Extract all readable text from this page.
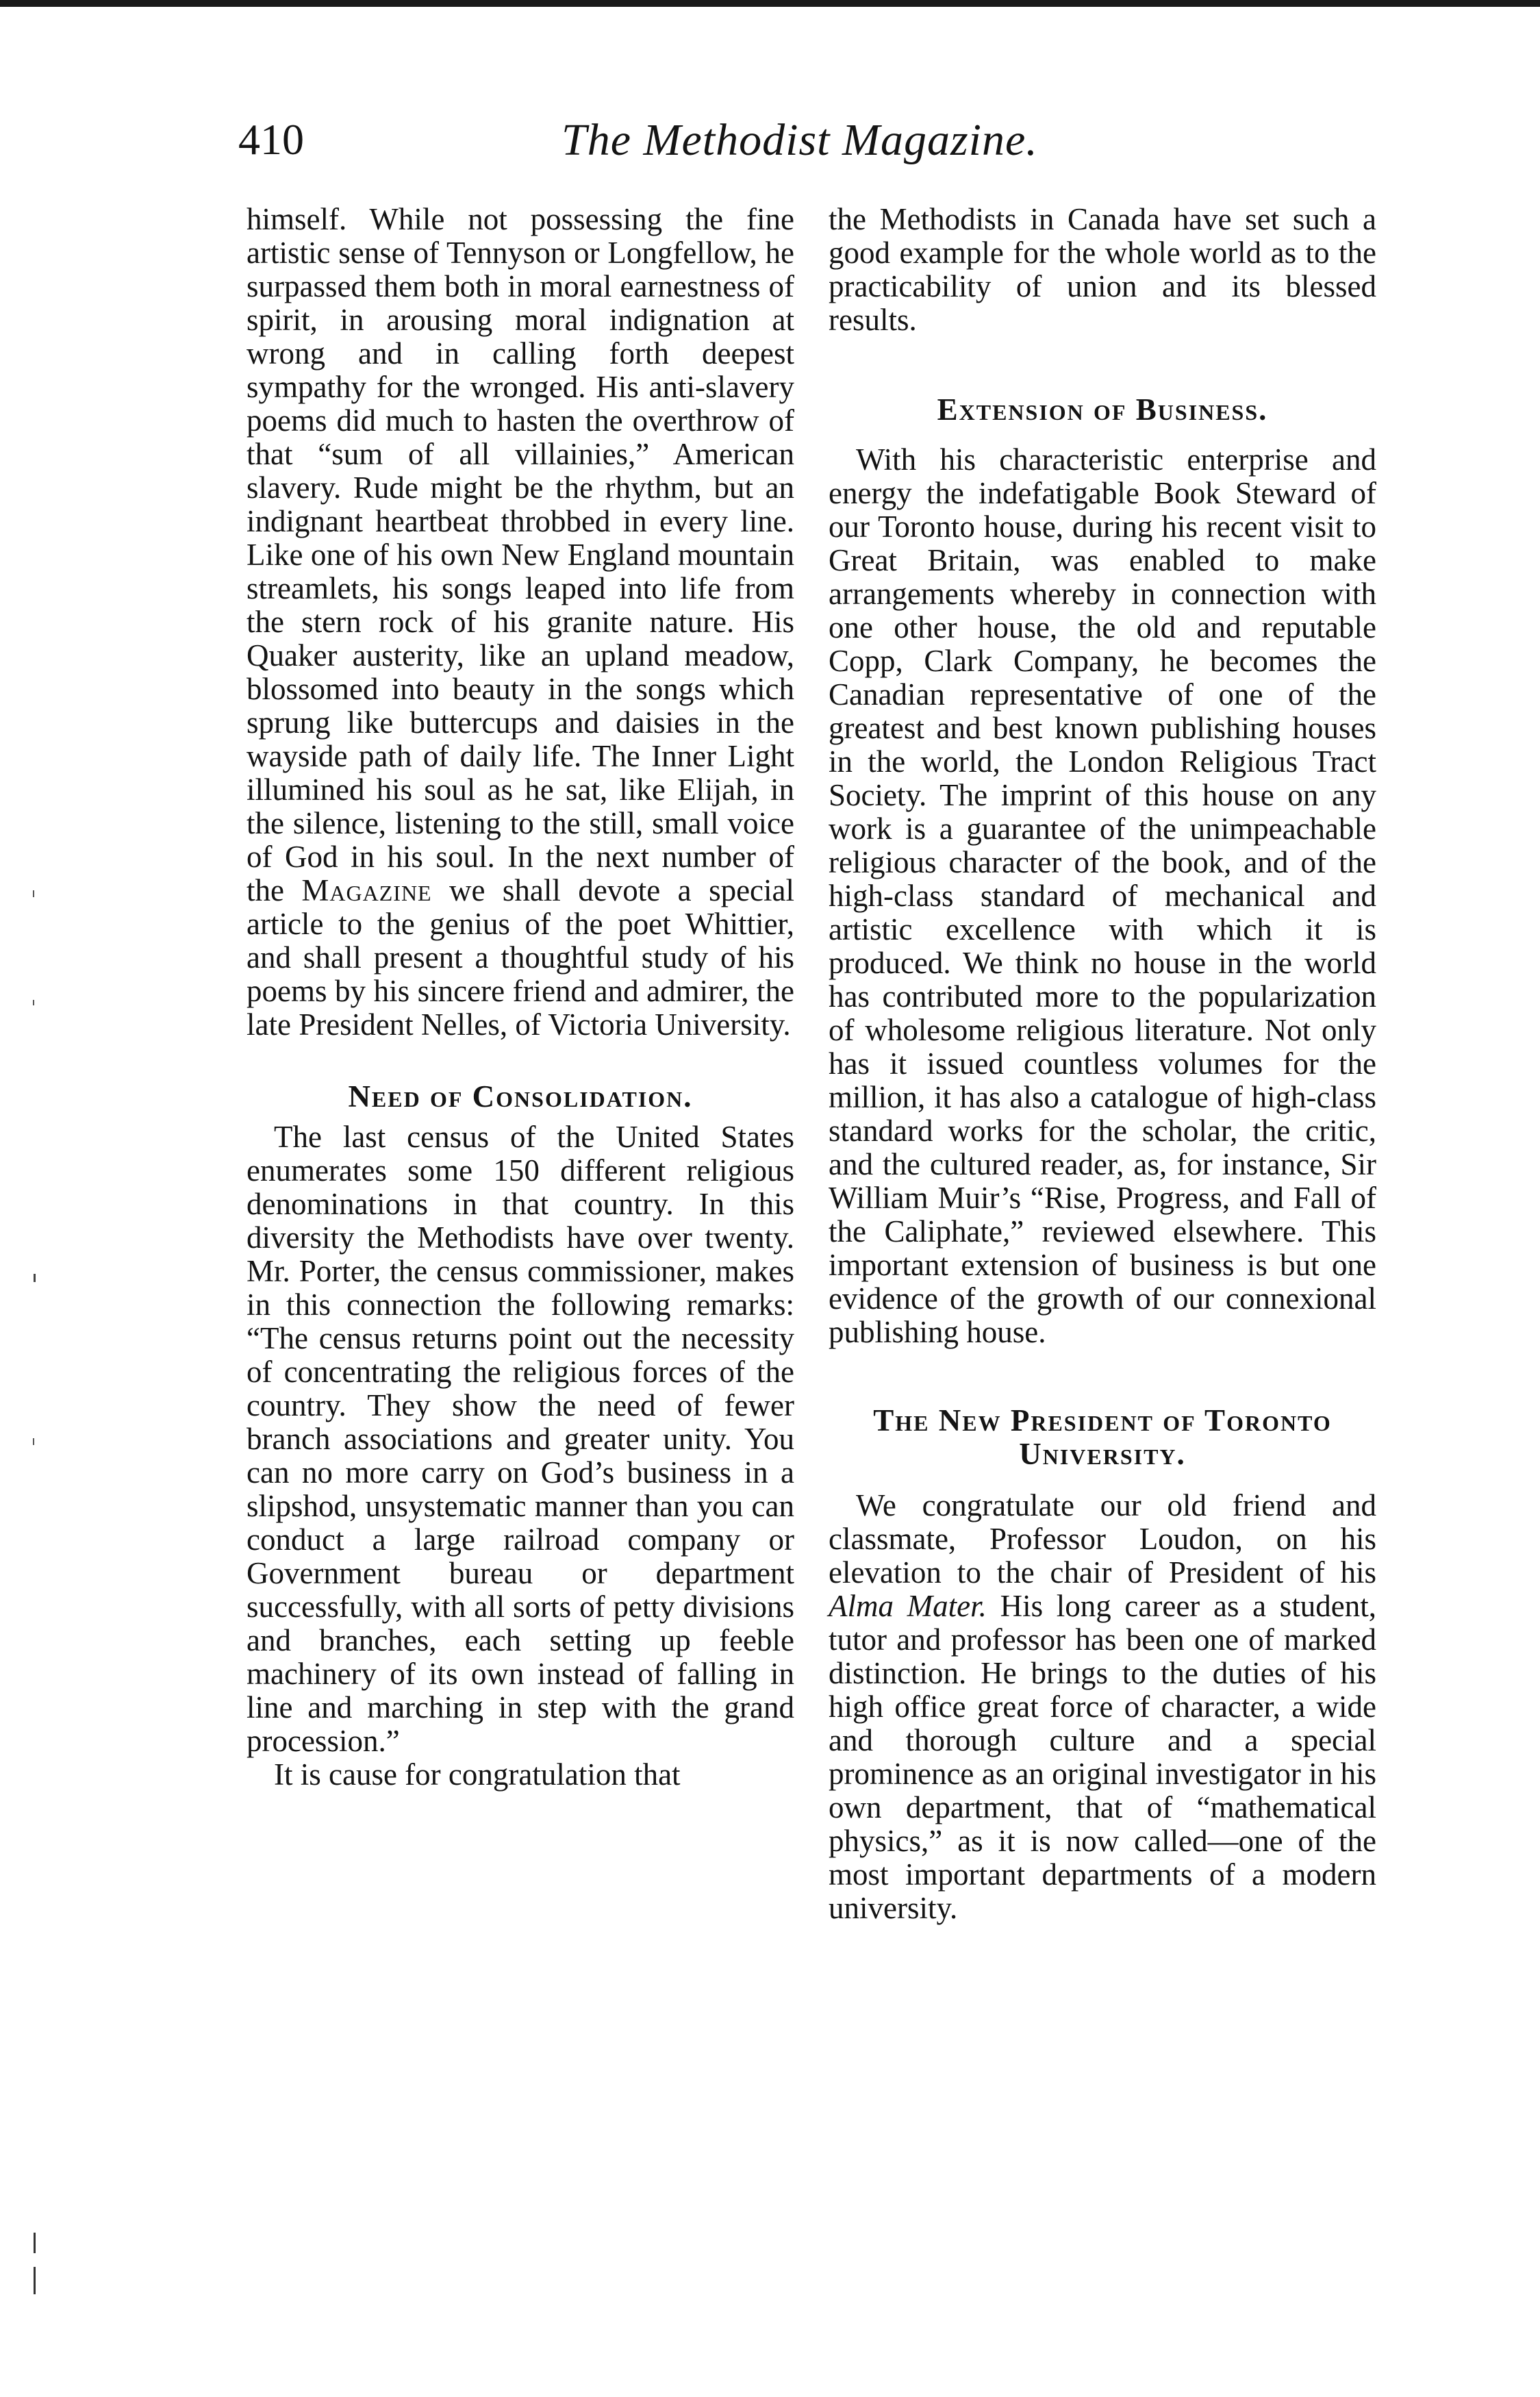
410	The Methodist Magazine.

himself. While not possessing the fine artistic sense of Tennyson or Longfellow, he surpassed them both in moral earnestness of spirit, in arousing moral indignation at wrong and in calling forth deepest sympathy for the wronged. His anti-slavery poems did much to hasten the overthrow of that “sum of all villainies,” American slavery. Rude might be the rhythm, but an indignant heartbeat throbbed in every line. Like one of his own New England mountain streamlets, his songs leaped into life from the stern rock of his granite nature. His Quaker austerity, like an upland meadow, blossomed into beauty in the songs which sprung like buttercups and daisies in the wayside path of daily life. The Inner Light illumined his soul as he sat, like Elijah, in the silence, listening to the still, small voice of God in his soul. In the next number of the Magazine we shall devote a special article to the genius of the poet Whittier, and shall present a thoughtful study of his poems by his sincere friend and admirer, the late President Nelles, of Victoria University.

Need of Consolidation.

The last census of the United States enumerates some 150 different religious denominations in that country. In this diversity the Methodists have over twenty. Mr. Porter, the census commissioner, makes in this connection the following remarks: “The census returns point out the necessity of concentrating the religious forces of the country. They show the need of fewer branch associations and greater unity. You can no more carry on God’s business in a slipshod, unsystematic manner than you can conduct a large railroad company or Government bureau or department successfully, with all sorts of petty divisions and branches, each setting up feeble machinery of its own instead of falling in line and marching in step with the grand procession.”

It is cause for congratulation that

the Methodists in Canada have set such a good example for the whole world as to the practicability of union and its blessed results.

Extension of Business.

With his characteristic enterprise and energy the indefatigable Book Steward of our Toronto house, during his recent visit to Great Britain, was enabled to make arrangements whereby in connection with one other house, the old and reputable Copp, Clark Company, he becomes the Canadian representative of one of the greatest and best known publishing houses in the world, the London Religious Tract Society. The imprint of this house on any work is a guarantee of the unimpeachable religious character of the book, and of the high-class standard of mechanical and artistic excellence with which it is produced. We think no house in the world has contributed more to the popularization of wholesome religious literature. Not only has it issued countless volumes for the million, it has also a catalogue of high-class standard works for the scholar, the critic, and the cultured reader, as, for instance, Sir William Muir’s “Rise, Progress, and Fall of the Caliphate,” reviewed elsewhere. This important extension of business is but one evidence of the growth of our connexional publishing house.

The New President of Toronto University.

We congratulate our old friend and classmate, Professor Loudon, on his elevation to the chair of President of his Alma Mater. His long career as a student, tutor and professor has been one of marked distinction. He brings to the duties of his high office great force of character, a wide and thorough culture and a special prominence as an original investigator in his own department, that of “mathematical physics,” as it is now called—one of the most important departments of a modern university.
